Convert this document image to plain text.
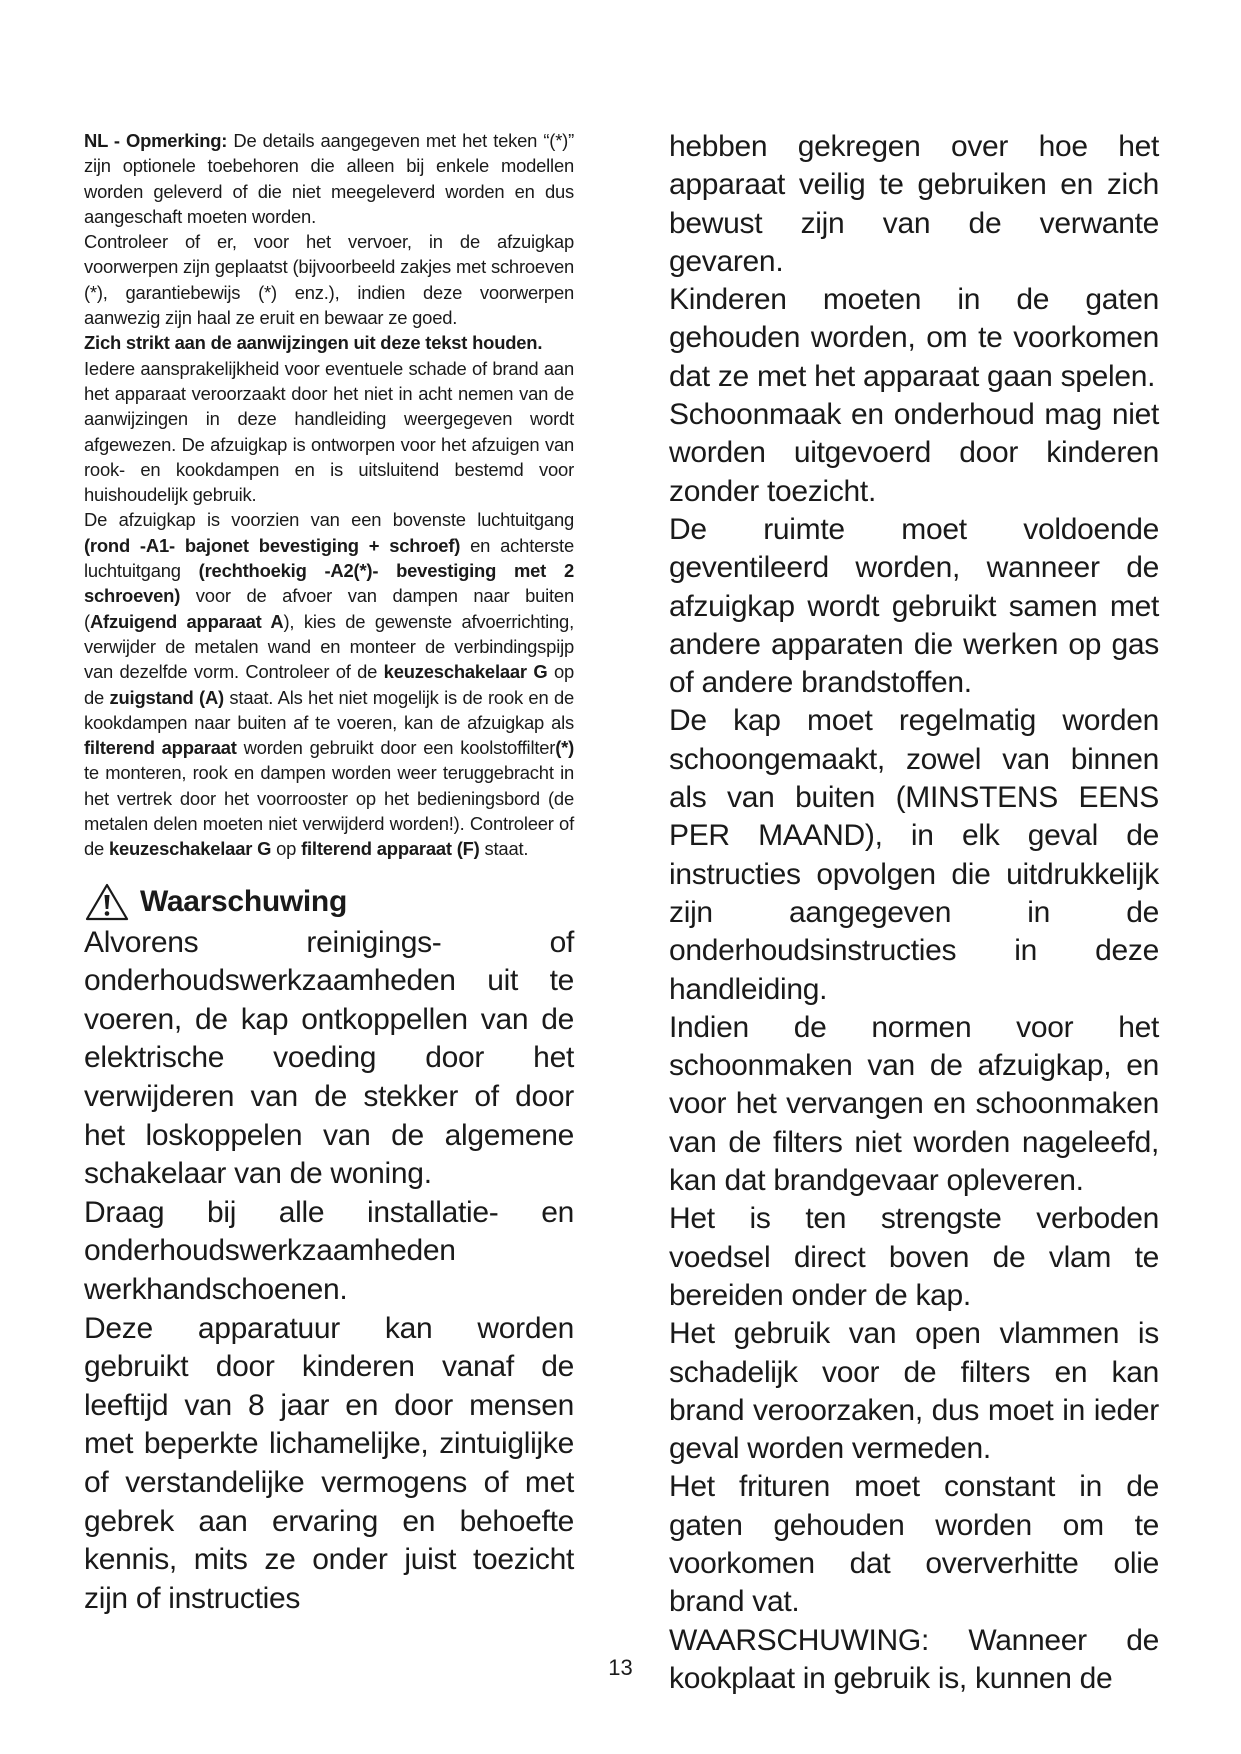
NL - Opmerking: De details aangegeven met het teken “(*)” zijn optionele toebehoren die alleen bij enkele modellen worden geleverd of die niet meegeleverd worden en dus aangeschaft moeten worden.

Controleer of er, voor het vervoer, in de afzuigkap voorwerpen zijn geplaatst (bijvoorbeeld zakjes met schroeven (*), garantiebewijs (*) enz.), indien deze voorwerpen aanwezig zijn haal ze eruit en bewaar ze goed.

Zich strikt aan de aanwijzingen uit deze tekst houden.

Iedere aansprakelijkheid voor eventuele schade of brand aan het apparaat veroorzaakt door het niet in acht nemen van de aanwijzingen in deze handleiding weergegeven wordt afgewezen. De afzuigkap is ontworpen voor het afzuigen van rook- en kookdampen en is uitsluitend bestemd voor huishoudelijk gebruik.

De afzuigkap is voorzien van een bovenste luchtuitgang (rond -A1- bajonet bevestiging + schroef) en achterste luchtuitgang (rechthoekig -A2(*)- bevestiging met 2 schroeven) voor de afvoer van dampen naar buiten (Afzuigend apparaat A), kies de gewenste afvoerrichting, verwijder de metalen wand en monteer de verbindingspijp van dezelfde vorm. Controleer of de keuzeschakelaar G op de zuigstand (A) staat. Als het niet mogelijk is de rook en de kookdampen naar buiten af te voeren, kan de afzuigkap als filterend apparaat worden gebruikt door een koolstoffilter(*) te monteren, rook en dampen worden weer teruggebracht in het vertrek door het voorrooster op het bedieningsbord (de metalen delen moeten niet verwijderd worden!). Controleer of de keuzeschakelaar G op filterend apparaat (F) staat.

Waarschuwing

Alvorens reinigings- of onderhoudswerkzaamheden uit te voeren, de kap ontkoppellen van de elektrische voeding door het verwijderen van de stekker of door het loskoppelen van de algemene schakelaar van de woning.

Draag bij alle installatie- en onderhoudswerkzaamheden werkhandschoenen.

Deze apparatuur kan worden gebruikt door kinderen vanaf de leeftijd van 8 jaar en door mensen met beperkte lichamelijke, zintuiglijke of verstandelijke vermogens of met gebrek aan ervaring en behoefte kennis, mits ze onder juist toezicht zijn of instructies

hebben gekregen over hoe het apparaat veilig te gebruiken en zich bewust zijn van de verwante gevaren.

Kinderen moeten in de gaten gehouden worden, om te voorkomen dat ze met het apparaat gaan spelen.

Schoonmaak en onderhoud mag niet worden uitgevoerd door kinderen zonder toezicht.

De ruimte moet voldoende geventileerd worden, wanneer de afzuigkap wordt gebruikt samen met andere apparaten die werken op gas of andere brandstoffen.

De kap moet regelmatig worden schoongemaakt, zowel van binnen als van buiten (MINSTENS EENS PER MAAND), in elk geval de instructies opvolgen die uitdrukkelijk zijn aangegeven in de onderhoudsinstructies in deze handleiding.

Indien de normen voor het schoonmaken van de afzuigkap, en voor het vervangen en schoonmaken van de filters niet worden nageleefd, kan dat brandgevaar opleveren.

Het is ten strengste verboden voedsel direct boven de vlam te bereiden onder de kap.

Het gebruik van open vlammen is schadelijk voor de filters en kan brand veroorzaken, dus moet in ieder geval worden vermeden.

Het frituren moet constant in de gaten gehouden worden om te voorkomen dat oververhitte olie brand vat.

WAARSCHUWING: Wanneer de kookplaat in gebruik is, kunnen de

13
